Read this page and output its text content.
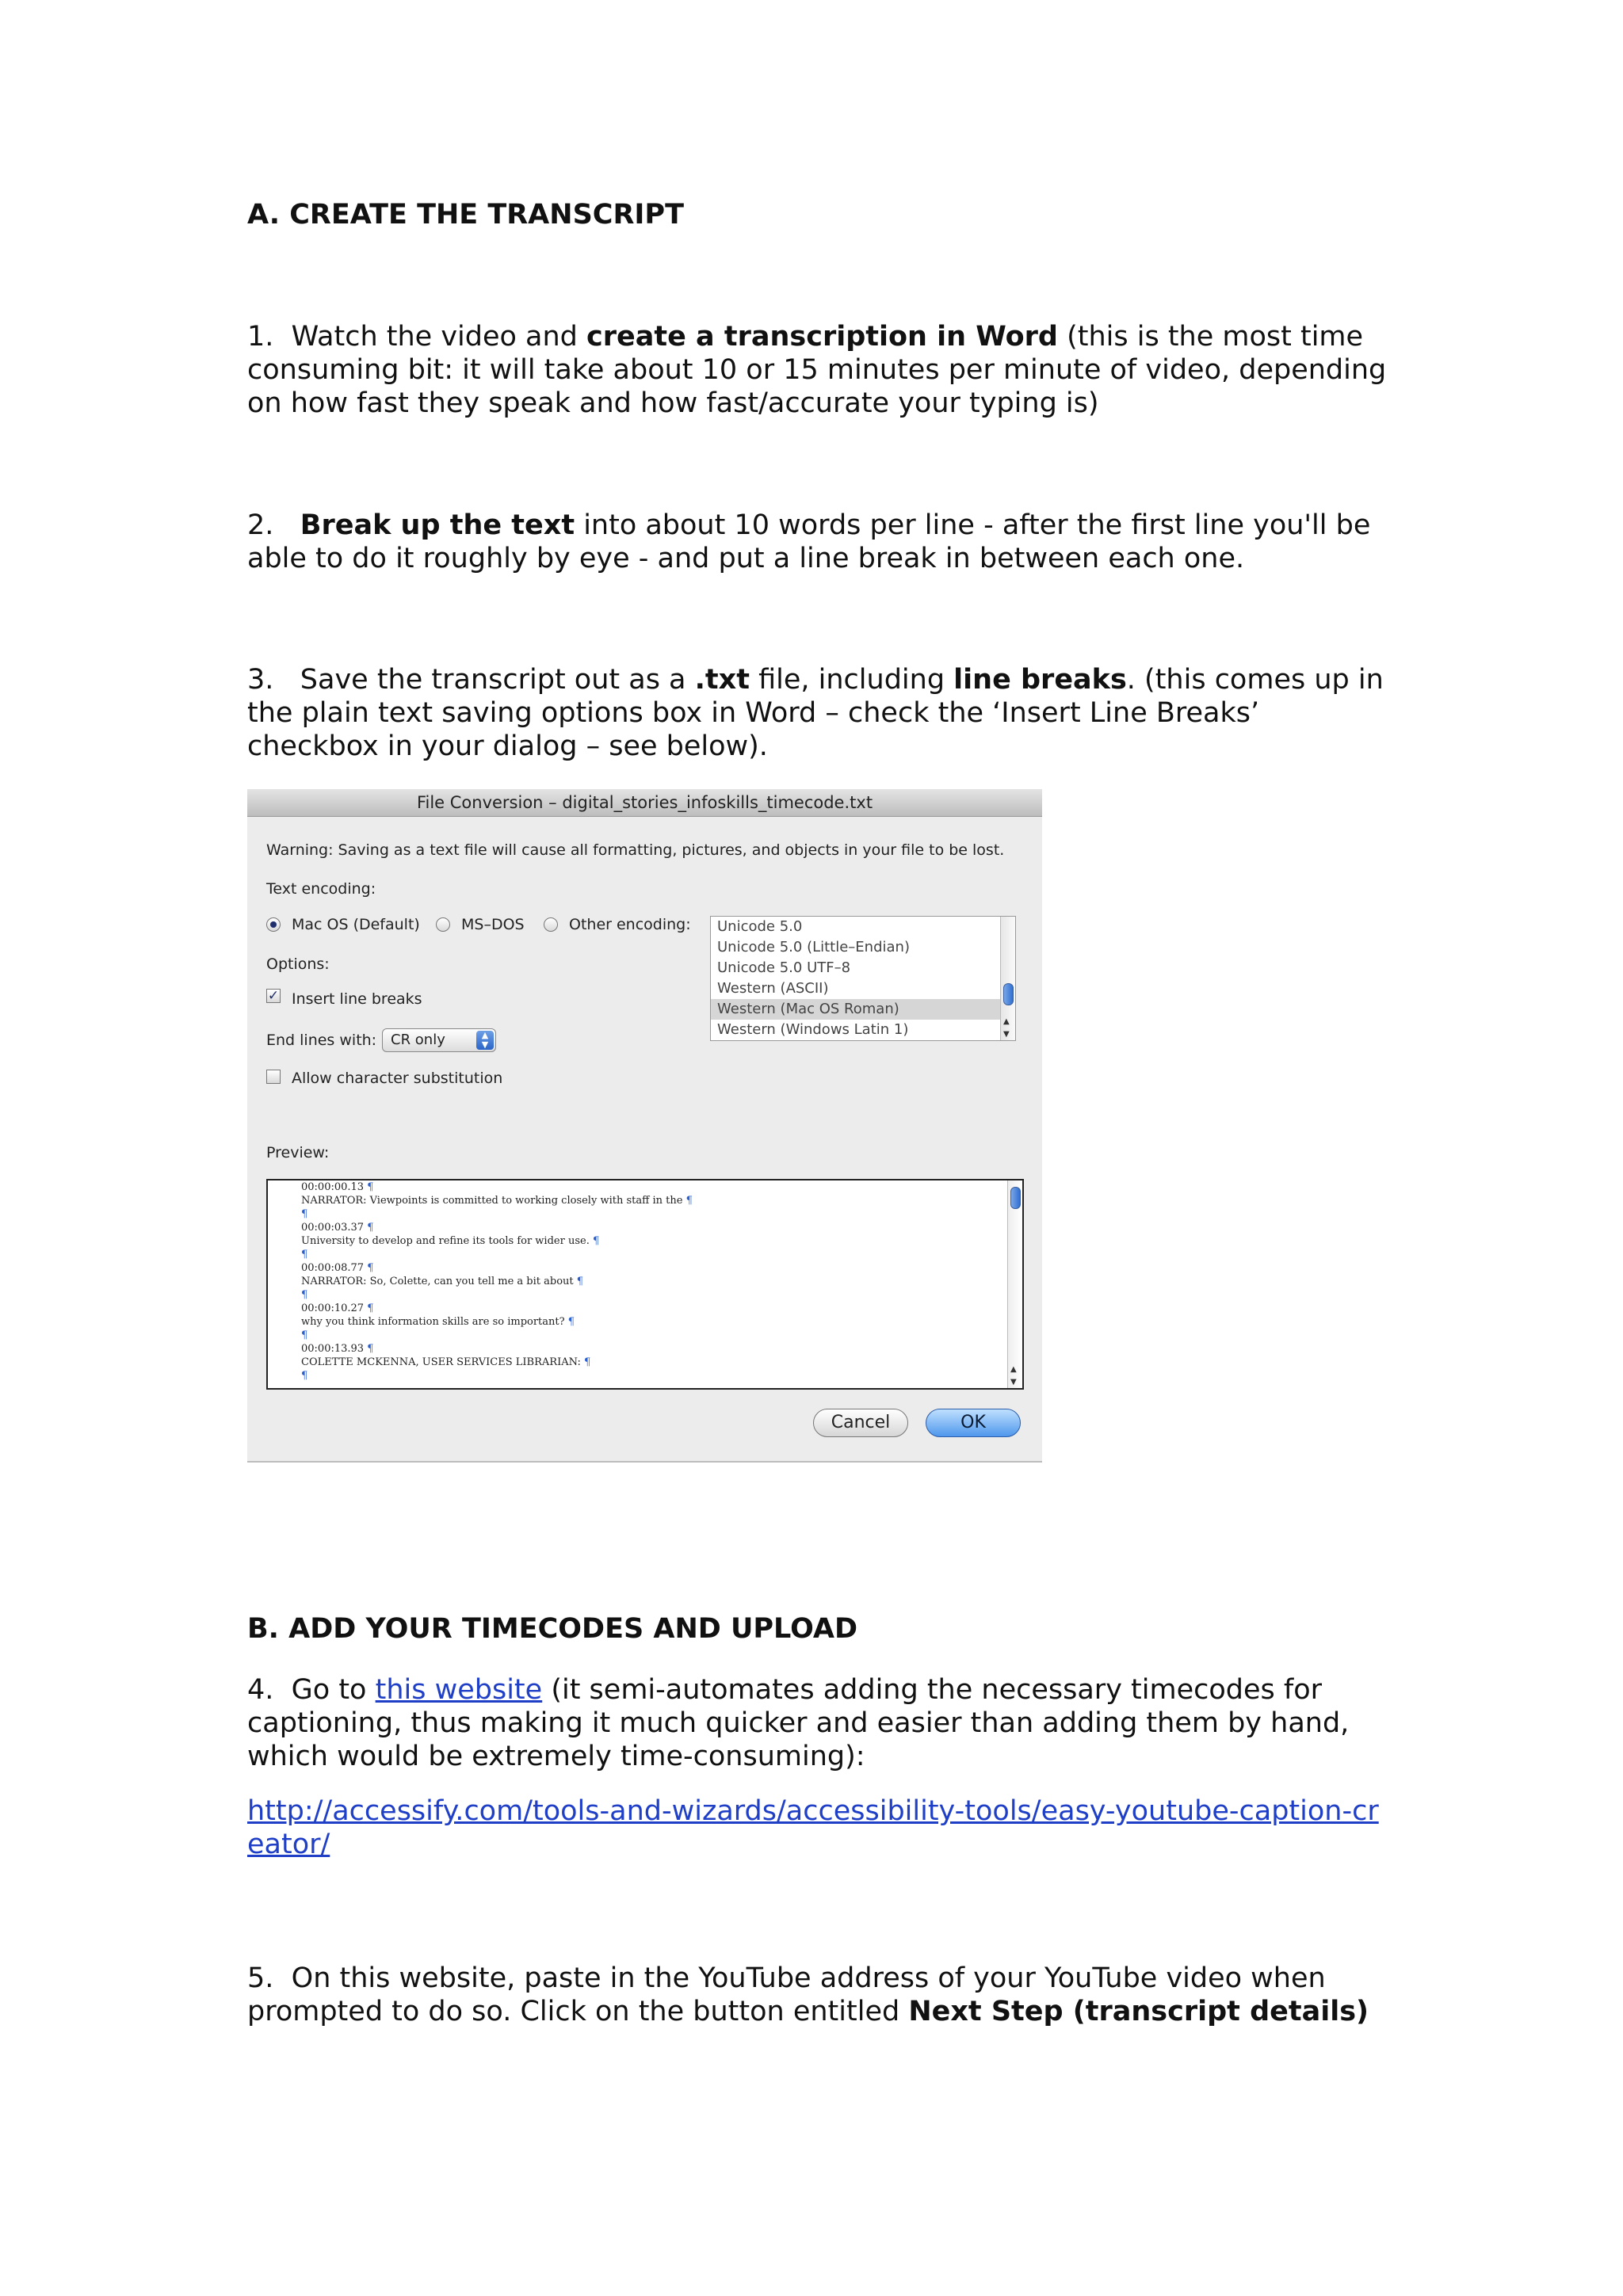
A. CREATE THE TRANSCRIPT

1. Watch the video and create a transcription in Word (this is the most time consuming bit: it will take about 10 or 15 minutes per minute of video, depending on how fast they speak and how fast/accurate your typing is)

2. Break up the text into about 10 words per line - after the first line you'll be able to do it roughly by eye - and put a line break in between each one.

3. Save the transcript out as a .txt file, including line breaks. (this comes up in the plain text saving options box in Word – check the ‘Insert Line Breaks’ checkbox in your dialog – see below).

File Conversion – digital_stories_infoskills_timecode.txt
Warning: Saving as a text file will cause all formatting, pictures, and objects in your file to be lost.
Text encoding:
Mac OS (Default)	MS–DOS	Other encoding:	Unicode 5.0
Unicode 5.0 (Little–Endian)
Unicode 5.0 UTF–8
Western (ASCII)
Western (Mac OS Roman)
Western (Windows Latin 1)	▲
▼
Options:
✓ Insert line breaks
End lines with: CR only	▲
▼
Allow character substitution
Preview:
00:00:00.13 ¶
NARRATOR: Viewpoints is committed to working closely with staff in the ¶
¶
00:00:03.37 ¶
University to develop and refine its tools for wider use. ¶
¶
00:00:08.77 ¶
NARRATOR: So, Colette, can you tell me a bit about ¶
¶
00:00:10.27 ¶
why you think information skills are so important? ¶
¶
00:00:13.93 ¶
COLETTE MCKENNA, USER SERVICES LIBRARIAN: ¶
¶
▲
▼
Cancel	OK

B. ADD YOUR TIMECODES AND UPLOAD

4. Go to this website (it semi-automates adding the necessary timecodes for captioning, thus making it much quicker and easier than adding them by hand, which would be extremely time-consuming):

http://accessify.com/tools-and-wizards/accessibility-tools/easy-youtube-caption-creator/

5. On this website, paste in the YouTube address of your YouTube video when prompted to do so. Click on the button entitled Next Step (transcript details)
